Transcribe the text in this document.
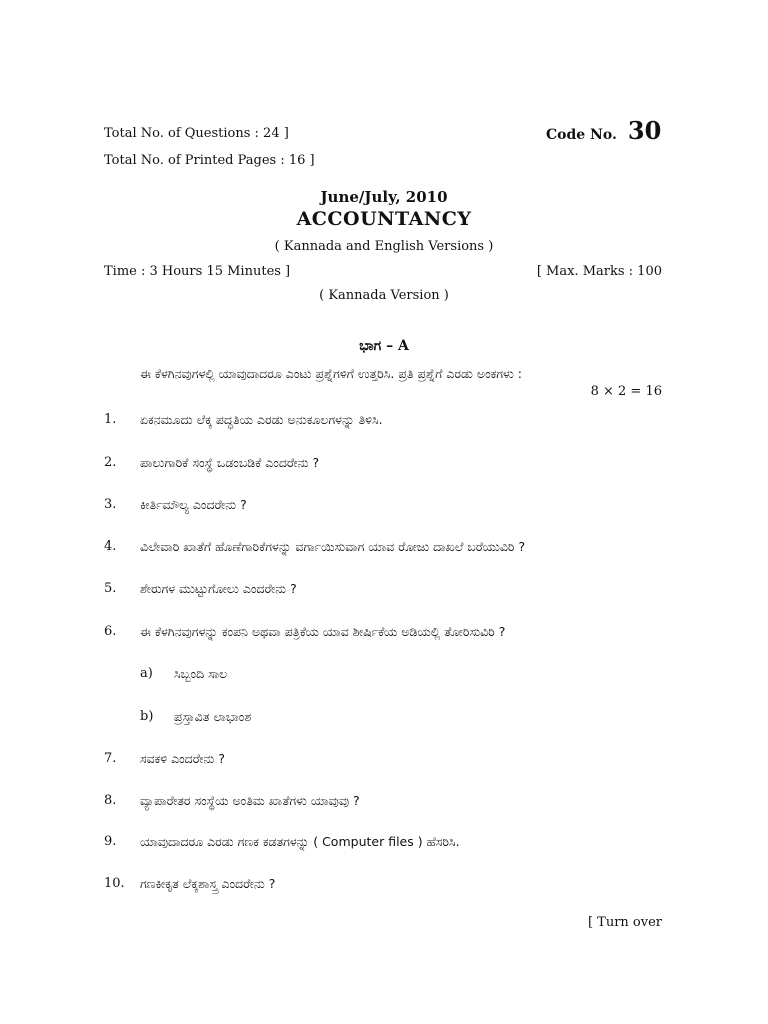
Total No. of Questions : 24 ]	Code No. 30
Total No. of Printed Pages : 16 ]
June/July, 2010
ACCOUNTANCY
( Kannada and English Versions )
Time : 3 Hours 15 Minutes ]	[ Max. Marks : 100
( Kannada Version )
ಭಾಗ – A
ಈ ಕೆಳಗಿನವುಗಳಲ್ಲಿ ಯಾವುದಾದರೂ ಎಂಟು ಪ್ರಶ್ನೆಗಳಿಗೆ ಉತ್ತರಿಸಿ. ಪ್ರತಿ ಪ್ರಶ್ನೆಗೆ ಎರಡು ಅಂಕಗಳು :
8 × 2 = 16
1. ಏಕನಮೂದು ಲೆಕ್ಕ ಪದ್ಧತಿಯ ಎರಡು ಅನುಕೂಲಗಳನ್ನು ತಿಳಿಸಿ.
2. ಪಾಲುಗಾರಿಕೆ ಸಂಸ್ಥೆ ಒಡಂಬಡಿಕೆ ಎಂದರೇನು ?
3. ಕೀರ್ತಿಮೌಲ್ಯ ಎಂದರೇನು ?
4. ವಿಲೇವಾರಿ ಖಾತೆಗೆ ಹೊಣೆಗಾರಿಕೆಗಳನ್ನು ವರ್ಗಾಯಿಸುವಾಗ ಯಾವ ರೋಜು ದಾಖಲೆ ಬರೆಯುವಿರಿ ?
5. ಶೇರುಗಳ ಮುಟ್ಟುಗೋಲು ಎಂದರೇನು ?
6. ಈ ಕೆಳಗಿನವುಗಳನ್ನು ಕಂಪನಿ ಅಥವಾ ಪತ್ರಿಕೆಯ ಯಾವ ಶೀರ್ಷಿಕೆಯ ಅಡಿಯಲ್ಲಿ ತೋರಿಸುವಿರಿ ?
a) ಸಿಬ್ಬಂದಿ ಸಾಲ
b) ಪ್ರಸ್ತಾವಿತ ಲಾಭಾಂಶ
7. ಸವಕಳಿ ಎಂದರೇನು ?
8. ವ್ಯಾಪಾರೇತರ ಸಂಸ್ಥೆಯ ಅಂತಿಮ ಖಾತೆಗಳು ಯಾವುವು ?
9. ಯಾವುದಾದರೂ ಎರಡು ಗಣಕ ಕಡತಗಳನ್ನು ( Computer files ) ಹೆಸರಿಸಿ.
10. ಗಣಕೀಕೃತ ಲೆಕ್ಕಶಾಸ್ತ್ರ ಎಂದರೇನು ?
[ Turn over
